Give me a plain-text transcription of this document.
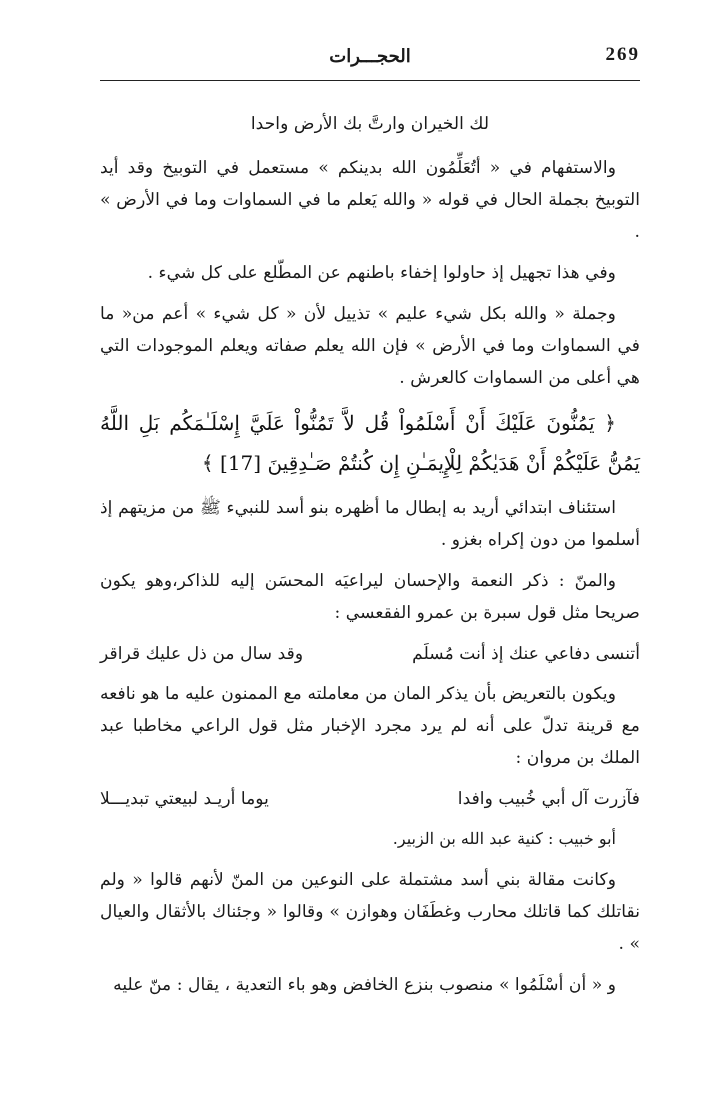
269
الحجـــرات

لك الخيران وارتَّ بك الأرض واحدا

والاستفهام في « أتُعَلِّمُون الله بدينكم » مستعمل في التوبيخ وقد أيد التوبيخ بجملة الحال في قوله « والله يَعلم ما في السماوات وما في الأرض » .

وفي هذا تجهيل إذ حاولوا إخفاء باطنهم عن المطّلع على كل شيء .

وجملة « والله بكل شيء عليم » تذييل لأن « كل شيء » أعم من« ما في السماوات وما في الأرض » فإن الله يعلم صفاته ويعلم الموجودات التي هي أعلى من السماوات كالعرش .

﴿ يَمُنُّونَ عَلَيْكَ أَنْ أَسْلَمُواْ قُل لاَّ تَمُنُّواْ عَلَيَّ إِسْلَـٰمَكُم بَلِ اللَّهُ يَمُنُّ عَلَيْكُمْ أَنْ هَدَيٰكُمْ لِلْإِيمَـٰنِ إِن كُنتُمْ صَـٰدِقِينَ [17] ﴾

استئناف ابتدائي أريد به إبطال ما أظهره بنو أسد للنبيء ﷺ من مزيتهم إذ أسلموا من دون إكراه بغزو .

والمنّ : ذكر النعمة والإحسان ليراعيَه المحسَن إليه للذاكر،وهو يكون صريحا مثل قول سبرة بن عمرو الفقعسي :

أتنسى دفاعي عنك إذ أنت مُسلَم
وقد سال من ذل عليك قراقر

ويكون بالتعريض بأن يذكر المان من معاملته مع الممنون عليه ما هو نافعه مع قرينة تدلّ على أنه لم يرد مجرد الإخبار مثل قول الراعي مخاطبا عبد الملك بن مروان :

فآزرت آل أبي خُبيب وافدا
يوما أريـد لبيعتي تبديـــلا

أبو خبيب : كنية عبد الله بن الزبير.

وكانت مقالة بني أسد مشتملة على النوعين من المنّ لأنهم قالوا « ولم نقاتلك كما قاتلك محارب وغطَفَان وهوازن » وقالوا « وجئناك بالأثقال والعيال » .

و « أن أسْلَمُوا » منصوب بنزع الخافض وهو باء التعدية ، يقال : منّ عليه
